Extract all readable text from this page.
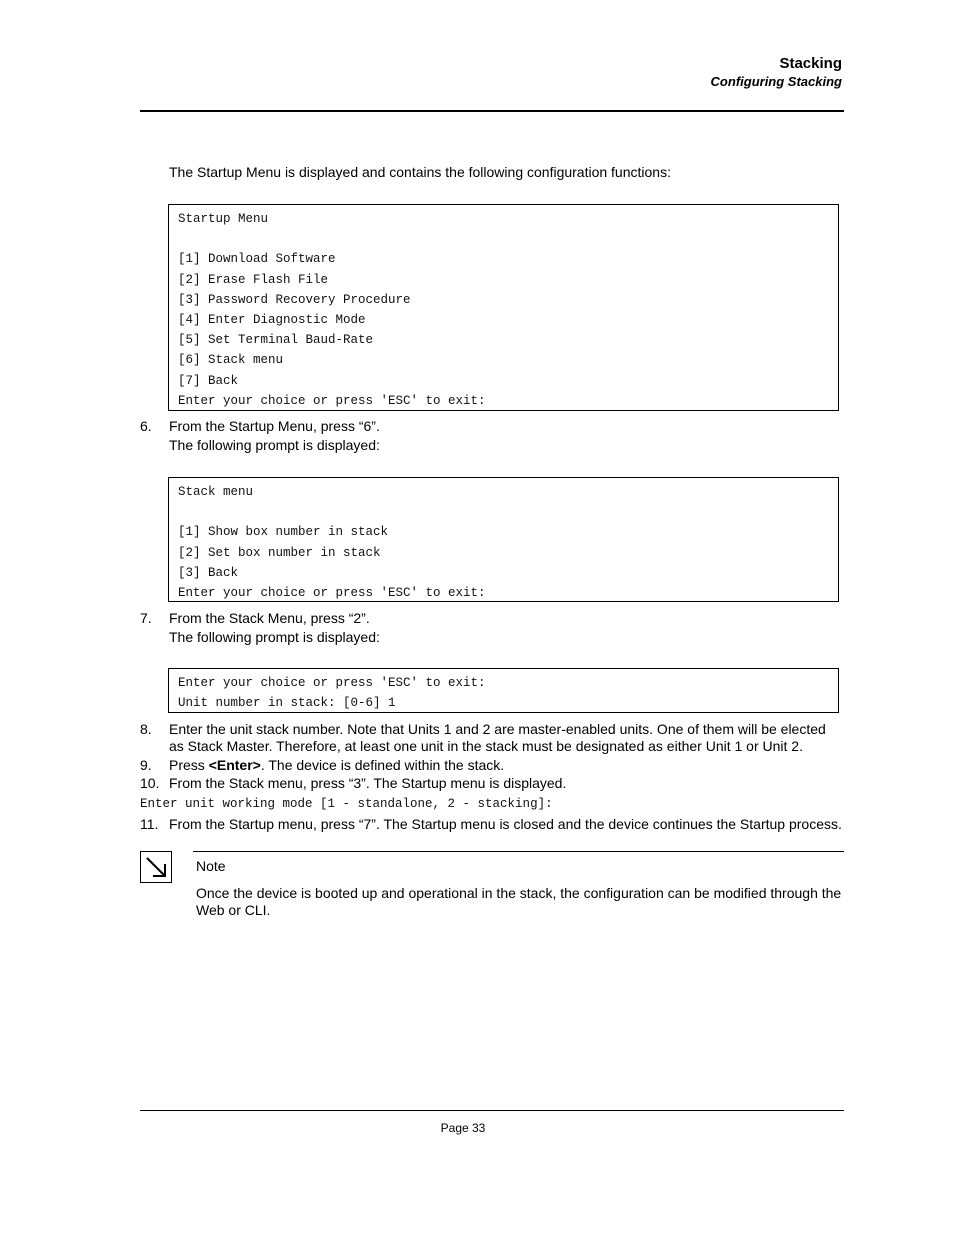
Stacking
Configuring Stacking
The Startup Menu is displayed and contains the following configuration functions:
Startup Menu
[1] Download Software
[2] Erase Flash File
[3] Password Recovery Procedure
[4] Enter Diagnostic Mode
[5] Set Terminal Baud-Rate
[6] Stack menu
[7] Back
Enter your choice or press 'ESC' to exit:
6. From the Startup Menu, press “6”.
The following prompt is displayed:
Stack menu
[1] Show box number in stack
[2] Set box number in stack
[3] Back
Enter your choice or press 'ESC' to exit:
7. From the Stack Menu, press “2”.
The following prompt is displayed:
Enter your choice or press 'ESC' to exit:
Unit number in stack: [0-6] 1
8. Enter the unit stack number. Note that Units 1 and 2 are master-enabled units. One of them will be elected as Stack Master. Therefore, at least one unit in the stack must be designated as either Unit 1 or Unit 2.
9. Press <Enter>. The device is defined within the stack.
10. From the Stack menu, press “3”. The Startup menu is displayed.
Enter unit working mode [1 - standalone, 2 - stacking]:
11. From the Startup menu, press “7”. The Startup menu is closed and the device continues the Startup process.
Note
Once the device is booted up and operational in the stack, the configuration can be modified through the Web or CLI.
Page 33
